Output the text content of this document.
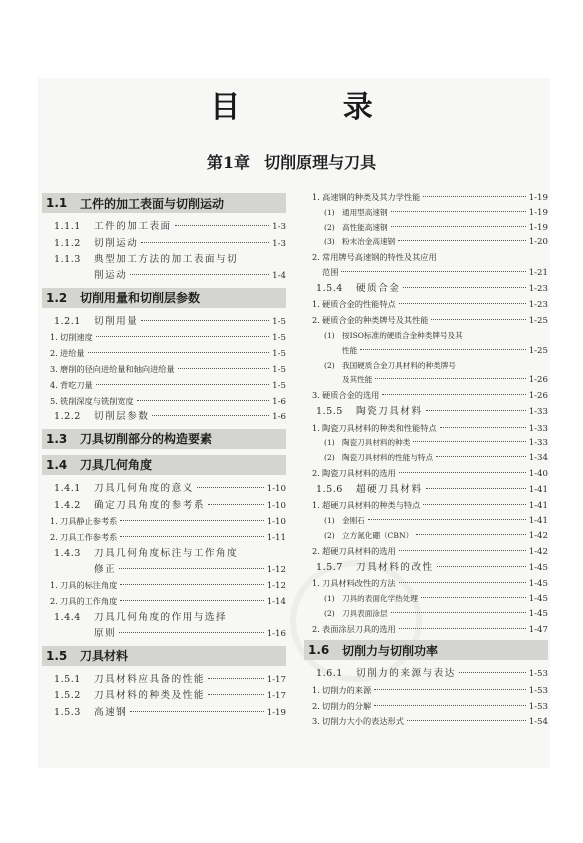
目 录
第1章 切削原理与刀具
1.1	工件的加工表面与切削运动
1.1.1	工件的加工表面	1-3
1.1.2	切削运动	1-3
1.1.3	典型加工方法的加工表面与切
削运动	1-4
1.2	切削用量和切削层参数
1.2.1	切削用量	1-5
1. 切削速度	1-5
2. 进给量	1-5
3. 磨削的径向进给量和轴向进给量	1-5
4. 背吃刀量	1-5
5. 铣削深度与铣削宽度	1-6
1.2.2	切削层参数	1-6
1.3	刀具切削部分的构造要素
1.4	刀具几何角度
1.4.1	刀具几何角度的意义	1-10
1.4.2	确定刀具角度的参考系	1-10
1. 刀具静止参考系	1-10
2. 刀具工作参考系	1-11
1.4.3	刀具几何角度标注与工作角度
修正	1-12
1. 刀具的标注角度	1-12
2. 刀具的工作角度	1-14
1.4.4	刀具几何角度的作用与选择
原则	1-16
1.5	刀具材料
1.5.1	刀具材料应具备的性能	1-17
1.5.2	刀具材料的种类及性能	1-17
1.5.3	高速钢	1-19
1. 高速钢的种类及其力学性能	1-19
(1) 通用型高速钢	1-19
(2) 高性能高速钢	1-19
(3) 粉末冶金高速钢	1-20
2. 常用牌号高速钢的特性及其应用
范围	1-21
1.5.4	硬质合金	1-23
1. 硬质合金的性能特点	1-23
2. 硬质合金的种类牌号及其性能	1-25
(1) 按ISO标准的硬质合金种类牌号及其
性能	1-25
(2) 我国硬质合金刀具材料的种类牌号
及其性能	1-26
3. 硬质合金的选用	1-26
1.5.5	陶瓷刀具材料	1-33
1. 陶瓷刀具材料的种类和性能特点	1-33
(1) 陶瓷刀具材料的种类	1-33
(2) 陶瓷刀具材料的性能与特点	1-34
2. 陶瓷刀具材料的选用	1-40
1.5.6	超硬刀具材料	1-41
1. 超硬刀具材料的种类与特点	1-41
(1) 金刚石	1-41
(2) 立方氮化硼（CBN）	1-42
2. 超硬刀具材料的选用	1-42
1.5.7	刀具材料的改性	1-45
1. 刀具材料改性的方法	1-45
(1) 刀具的表面化学热处理	1-45
(2) 刀具表面涂层	1-45
2. 表面涂层刀具的选用	1-47
1.6	切削力与切削功率
1.6.1	切削力的来源与表达	1-53
1. 切削力的来源	1-53
2. 切削力的分解	1-53
3. 切削力大小的表达形式	1-54
